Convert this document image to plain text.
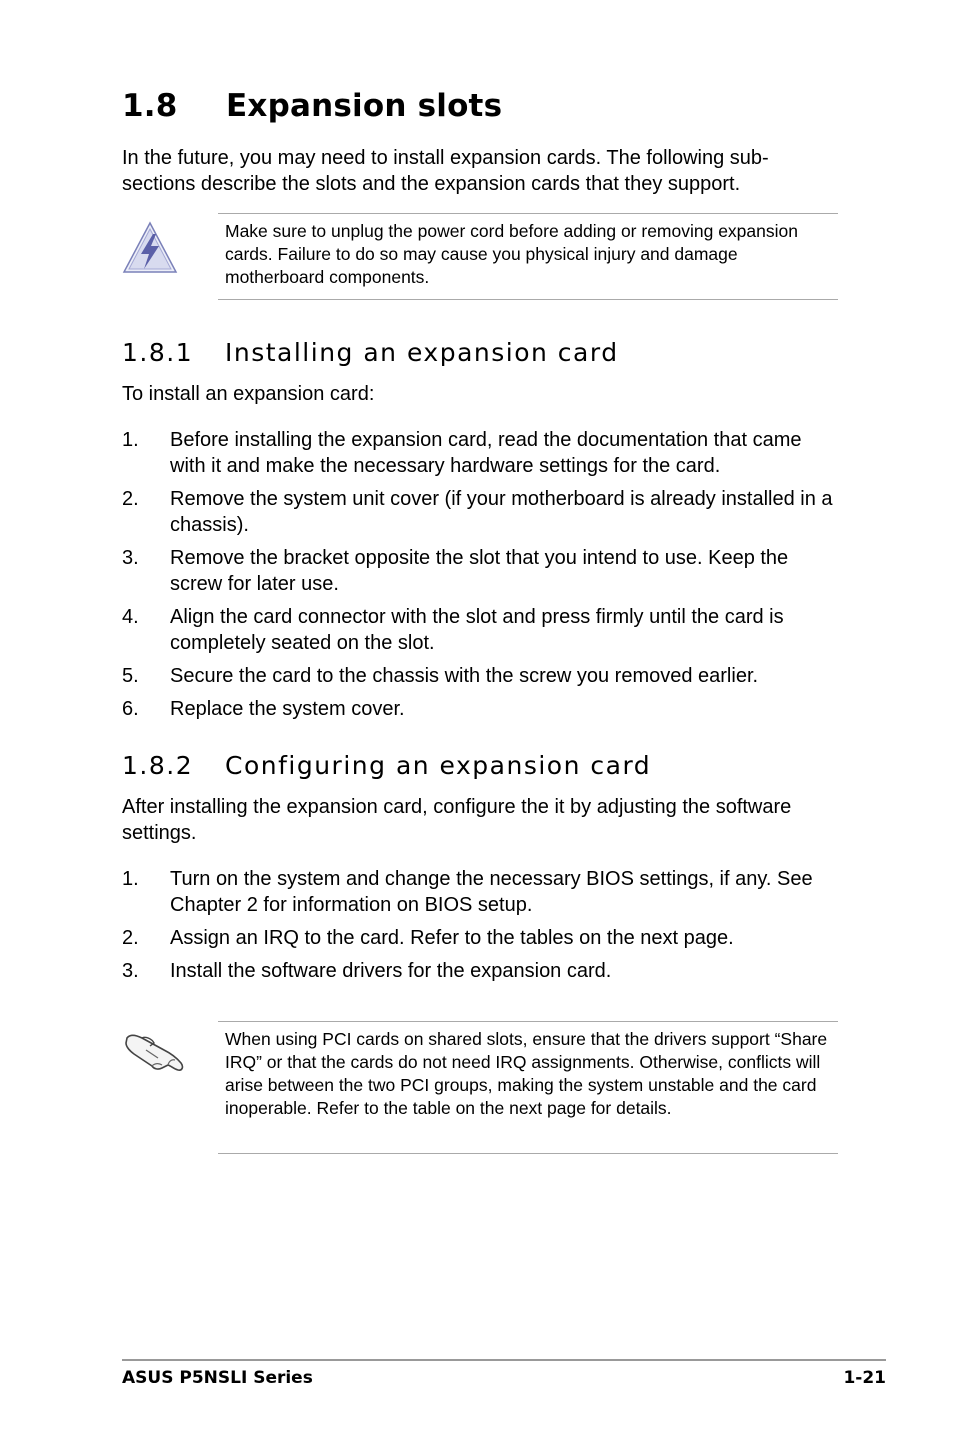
1.8 Expansion slots

In the future, you may need to install expansion cards. The following sub-sections describe the slots and the expansion cards that they support.

Make sure to unplug the power cord before adding or removing expansion cards. Failure to do so may cause you physical injury and damage motherboard components.

1.8.1 Installing an expansion card

To install an expansion card:

1. Before installing the expansion card, read the documentation that came with it and make the necessary hardware settings for the card.
2. Remove the system unit cover (if your motherboard is already installed in a chassis).
3. Remove the bracket opposite the slot that you intend to use. Keep the screw for later use.
4. Align the card connector with the slot and press firmly until the card is completely seated on the slot.
5. Secure the card to the chassis with the screw you removed earlier.
6. Replace the system cover.
1.8.2 Configuring an expansion card

After installing the expansion card, configure the it by adjusting the software settings.

1. Turn on the system and change the necessary BIOS settings, if any. See Chapter 2 for information on BIOS setup.
2. Assign an IRQ to the card. Refer to the tables on the next page.
3. Install the software drivers for the expansion card.

When using PCI cards on shared slots, ensure that the drivers support “Share IRQ” or that the cards do not need IRQ assignments. Otherwise, conflicts will arise between the two PCI groups, making the system unstable and the card inoperable. Refer to the table on the next page for details.

ASUS P5NSLI Series	1-21
